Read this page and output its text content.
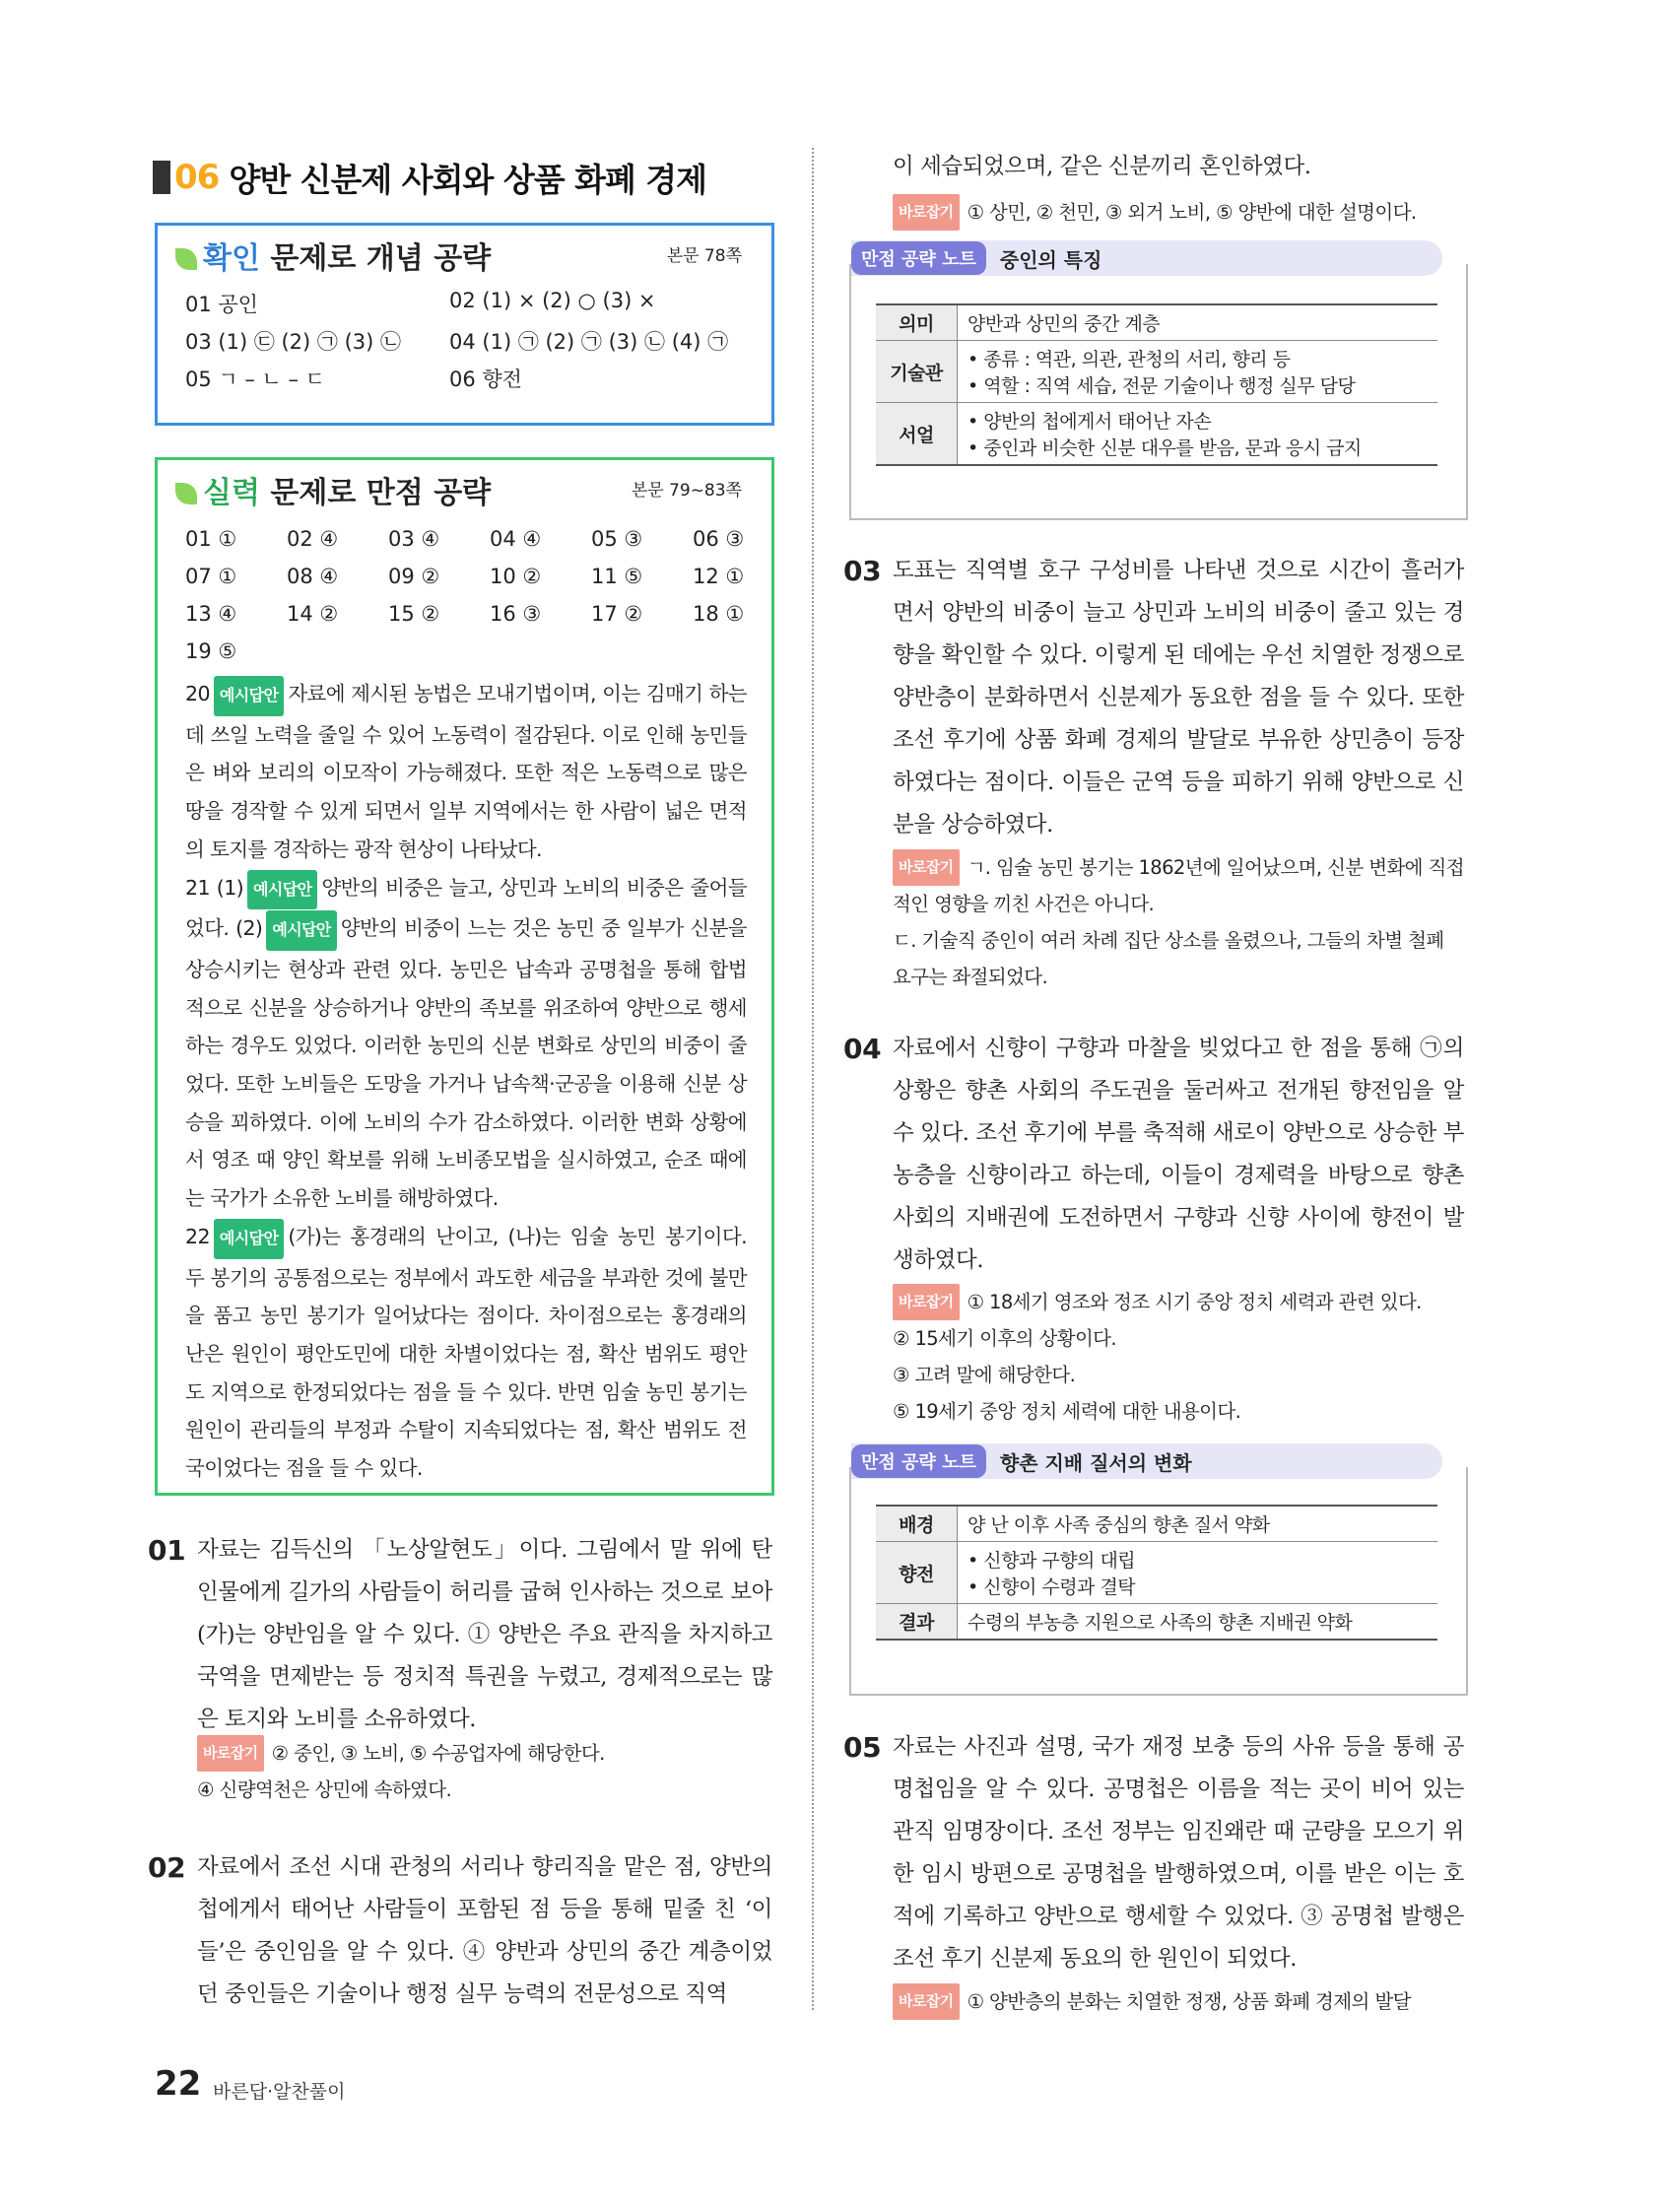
06 양반 신분제 사회와 상품 화폐 경제
확인 문제로 개념 공략	본문 78쪽
01 공인	02 (1) × (2) ○ (3) ×
03 (1) ㉢ (2) ㉠ (3) ㉡ 04 (1) ㉠ (2) ㉠ (3) ㉡ (4) ㉠
05 ㄱ – ㄴ – ㄷ	06 향전
실력 문제로 만점 공략	본문 79~83쪽
01 ① 02 ④ 03 ④ 04 ④ 05 ③ 06 ③
07 ① 08 ④ 09 ② 10 ② 11 ⑤ 12 ①
13 ④ 14 ② 15 ② 16 ③ 17 ② 18 ①
19 ⑤

20 예시답안 자료에 제시된 농법은 모내기법이며, 이는 김매기 하는 데 쓰일 노력을 줄일 수 있어 노동력이 절감된다. 이로 인해 농민들은 벼와 보리의 이모작이 가능해졌다. 또한 적은 노동력으로 많은 땅을 경작할 수 있게 되면서 일부 지역에서는 한 사람이 넓은 면적의 토지를 경작하는 광작 현상이 나타났다.

21 (1) 예시답안 양반의 비중은 늘고, 상민과 노비의 비중은 줄어들었다. (2) 예시답안 양반의 비중이 느는 것은 농민 중 일부가 신분을 상승시키는 현상과 관련 있다. 농민은 납속과 공명첩을 통해 합법적으로 신분을 상승하거나 양반의 족보를 위조하여 양반으로 행세하는 경우도 있었다. 이러한 농민의 신분 변화로 상민의 비중이 줄었다. 또한 노비들은 도망을 가거나 납속책·군공을 이용해 신분 상승을 꾀하였다. 이에 노비의 수가 감소하였다. 이러한 변화 상황에서 영조 때 양인 확보를 위해 노비종모법을 실시하였고, 순조 때에는 국가가 소유한 노비를 해방하였다.

22 예시답안 (가)는 홍경래의 난이고, (나)는 임술 농민 봉기이다. 두 봉기의 공통점으로는 정부에서 과도한 세금을 부과한 것에 불만을 품고 농민 봉기가 일어났다는 점이다. 차이점으로는 홍경래의 난은 원인이 평안도민에 대한 차별이었다는 점, 확산 범위도 평안도 지역으로 한정되었다는 점을 들 수 있다. 반면 임술 농민 봉기는 원인이 관리들의 부정과 수탈이 지속되었다는 점, 확산 범위도 전국이었다는 점을 들 수 있다.

01 자료는 김득신의 「노상알현도」이다. 그림에서 말 위에 탄 인물에게 길가의 사람들이 허리를 굽혀 인사하는 것으로 보아 (가)는 양반임을 알 수 있다. ① 양반은 주요 관직을 차지하고 국역을 면제받는 등 정치적 특권을 누렸고, 경제적으로는 많은 토지와 노비를 소유하였다.

바로잡기 ② 중인, ③ 노비, ⑤ 수공업자에 해당한다.

④ 신량역천은 상민에 속하였다.

02 자료에서 조선 시대 관청의 서리나 향리직을 맡은 점, 양반의 첩에게서 태어난 사람들이 포함된 점 등을 통해 밑줄 친 ‘이들’은 중인임을 알 수 있다. ④ 양반과 상민의 중간 계층이었던 중인들은 기술이나 행정 실무 능력의 전문성으로 직역

이 세습되었으며, 같은 신분끼리 혼인하였다.

바로잡기 ① 상민, ② 천민, ③ 외거 노비, ⑤ 양반에 대한 설명이다.

만점 공략 노트	중인의 특징
의미	양반과 상민의 중간 계층
기술관	• 종류 : 역관, 의관, 관청의 서리, 향리 등
• 역할 : 직역 세습, 전문 기술이나 행정 실무 담당

서얼	• 양반의 첩에게서 태어난 자손
• 중인과 비슷한 신분 대우를 받음, 문과 응시 금지
03 도표는 직역별 호구 구성비를 나타낸 것으로 시간이 흘러가면서 양반의 비중이 늘고 상민과 노비의 비중이 줄고 있는 경향을 확인할 수 있다. 이렇게 된 데에는 우선 치열한 정쟁으로 양반층이 분화하면서 신분제가 동요한 점을 들 수 있다. 또한 조선 후기에 상품 화폐 경제의 발달로 부유한 상민층이 등장하였다는 점이다. 이들은 군역 등을 피하기 위해 양반으로 신분을 상승하였다.

바로잡기 ㄱ. 임술 농민 봉기는 1862년에 일어났으며, 신분 변화에 직접적인 영향을 끼친 사건은 아니다.

ㄷ. 기술직 중인이 여러 차례 집단 상소를 올렸으나, 그들의 차별 철폐 요구는 좌절되었다.

04 자료에서 신향이 구향과 마찰을 빚었다고 한 점을 통해 ㉠의 상황은 향촌 사회의 주도권을 둘러싸고 전개된 향전임을 알 수 있다. 조선 후기에 부를 축적해 새로이 양반으로 상승한 부농층을 신향이라고 하는데, 이들이 경제력을 바탕으로 향촌 사회의 지배권에 도전하면서 구향과 신향 사이에 향전이 발생하였다.

바로잡기 ① 18세기 영조와 정조 시기 중앙 정치 세력과 관련 있다.

② 15세기 이후의 상황이다.

③ 고려 말에 해당한다.

⑤ 19세기 중앙 정치 세력에 대한 내용이다.

만점 공략 노트	향촌 지배 질서의 변화
배경	양 난 이후 사족 중심의 향촌 질서 약화
향전	• 신향과 구향의 대립
• 신향이 수령과 결탁

결과	수령의 부농층 지원으로 사족의 향촌 지배권 약화
05 자료는 사진과 설명, 국가 재정 보충 등의 사유 등을 통해 공명첩임을 알 수 있다. 공명첩은 이름을 적는 곳이 비어 있는 관직 임명장이다. 조선 정부는 임진왜란 때 군량을 모으기 위한 임시 방편으로 공명첩을 발행하였으며, 이를 받은 이는 호적에 기록하고 양반으로 행세할 수 있었다. ③ 공명첩 발행은 조선 후기 신분제 동요의 한 원인이 되었다.

바로잡기 ① 양반층의 분화는 치열한 정쟁, 상품 화폐 경제의 발달

22 바른답·알찬풀이
